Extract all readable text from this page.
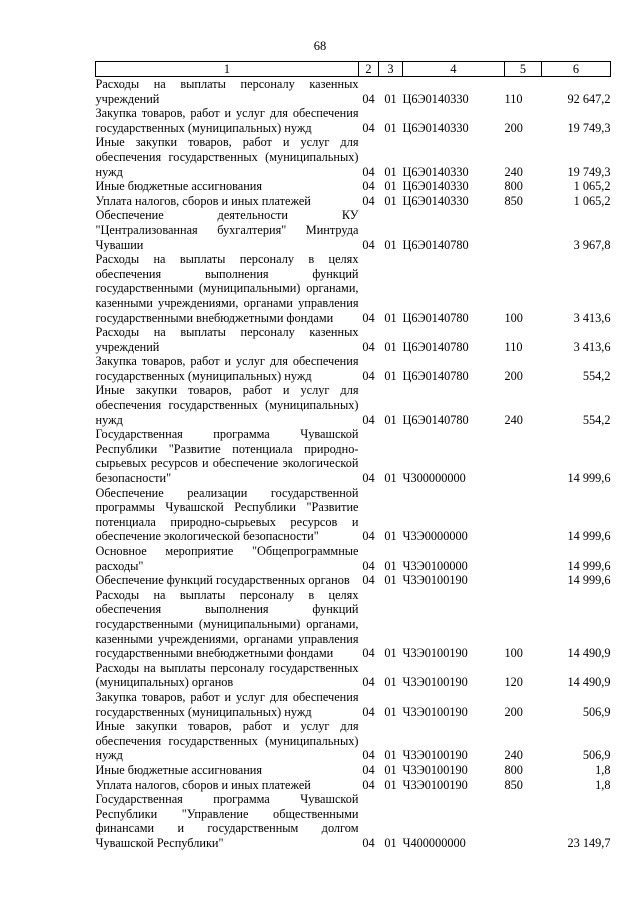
68
1	2	3	4	5	6
Расходы на выплаты персоналу казенных учреждений	04	01	Ц6Э0140330	110	92 647,2
Закупка товаров, работ и услуг для обеспечения государственных (муниципальных) нужд	04	01	Ц6Э0140330	200	19 749,3
Иные закупки товаров, работ и услуг для обеспечения государственных (муниципальных) нужд	04	01	Ц6Э0140330	240	19 749,3
Иные бюджетные ассигнования	04	01	Ц6Э0140330	800	1 065,2
Уплата налогов, сборов и иных платежей	04	01	Ц6Э0140330	850	1 065,2
Обеспечение деятельности КУ "Централизованная бухгалтерия" Минтруда Чувашии	04	01	Ц6Э0140780		3 967,8
Расходы на выплаты персоналу в целях обеспечения выполнения функций государственными (муниципальными) органами, казенными учреждениями, органами управления государственными внебюджетными фондами	04	01	Ц6Э0140780	100	3 413,6
Расходы на выплаты персоналу казенных учреждений	04	01	Ц6Э0140780	110	3 413,6
Закупка товаров, работ и услуг для обеспечения государственных (муниципальных) нужд	04	01	Ц6Э0140780	200	554,2
Иные закупки товаров, работ и услуг для обеспечения государственных (муниципальных) нужд	04	01	Ц6Э0140780	240	554,2
Государственная программа Чувашской Республики "Развитие потенциала природно-сырьевых ресурсов и обеспечение экологической безопасности"	04	01	Ч300000000		14 999,6
Обеспечение реализации государственной программы Чувашской Республики "Развитие потенциала природно-сырьевых ресурсов и обеспечение экологической безопасности"	04	01	Ч3Э0000000		14 999,6
Основное мероприятие "Общепрограммные расходы"	04	01	Ч3Э0100000		14 999,6
Обеспечение функций государственных органов	04	01	Ч3Э0100190		14 999,6
Расходы на выплаты персоналу в целях обеспечения выполнения функций государственными (муниципальными) органами, казенными учреждениями, органами управления государственными внебюджетными фондами	04	01	Ч3Э0100190	100	14 490,9
Расходы на выплаты персоналу государственных (муниципальных) органов	04	01	Ч3Э0100190	120	14 490,9
Закупка товаров, работ и услуг для обеспечения государственных (муниципальных) нужд	04	01	Ч3Э0100190	200	506,9
Иные закупки товаров, работ и услуг для обеспечения государственных (муниципальных) нужд	04	01	Ч3Э0100190	240	506,9
Иные бюджетные ассигнования	04	01	Ч3Э0100190	800	1,8
Уплата налогов, сборов и иных платежей	04	01	Ч3Э0100190	850	1,8
Государственная программа Чувашской Республики "Управление общественными финансами и государственным долгом Чувашской Республики"	04	01	Ч400000000		23 149,7
